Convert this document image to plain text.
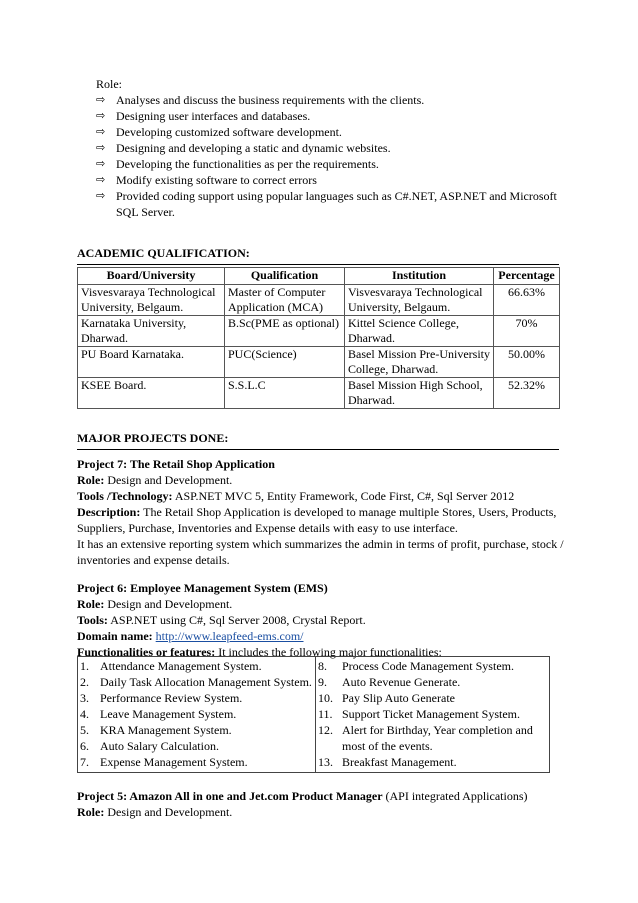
Role:
⇨ Analyses and discuss the business requirements with the clients.
⇨ Designing user interfaces and databases.
⇨ Developing customized software development.
⇨ Designing and developing a static and dynamic websites.
⇨ Developing the functionalities as per the requirements.
⇨ Modify existing software to correct errors
⇨ Provided coding support using popular languages such as C#.NET, ASP.NET and Microsoft SQL Server.
ACADEMIC QUALIFICATION:
Board/University	Qualification	Institution	Percentage
Visvesvaraya Technological University, Belgaum.	Master of Computer Application (MCA)	Visvesvaraya Technological University, Belgaum.	66.63%
Karnataka University, Dharwad.	B.Sc(PME as optional)	Kittel Science College, Dharwad.	70%
PU Board Karnataka.	PUC(Science)	Basel Mission Pre-University College, Dharwad.	50.00%
KSEE Board.	S.S.L.C	Basel Mission High School, Dharwad.	52.32%
MAJOR PROJECTS DONE:
Project 7: The Retail Shop Application
Role: Design and Development.
Tools /Technology: ASP.NET MVC 5, Entity Framework, Code First, C#, Sql Server 2012
Description: The Retail Shop Application is developed to manage multiple Stores, Users, Products, Suppliers, Purchase, Inventories and Expense details with easy to use interface.
It has an extensive reporting system which summarizes the admin in terms of profit, purchase, stock / inventories and expense details.
Project 6: Employee Management System (EMS)
Role: Design and Development.
Tools: ASP.NET using C#, Sql Server 2008, Crystal Report.
Domain name: http://www.leapfeed-ems.com/
Functionalities or features: It includes the following major functionalities:
1. Attendance Management System.
2. Daily Task Allocation Management System.
3. Performance Review System.
4. Leave Management System.
5. KRA Management System.
6. Auto Salary Calculation.
7. Expense Management System.
8. Process Code Management System.
9. Auto Revenue Generate.
10. Pay Slip Auto Generate
11. Support Ticket Management System.
12. Alert for Birthday, Year completion and most of the events.
13. Breakfast Management.
Project 5: Amazon All in one and Jet.com Product Manager (API integrated Applications)
Role: Design and Development.
